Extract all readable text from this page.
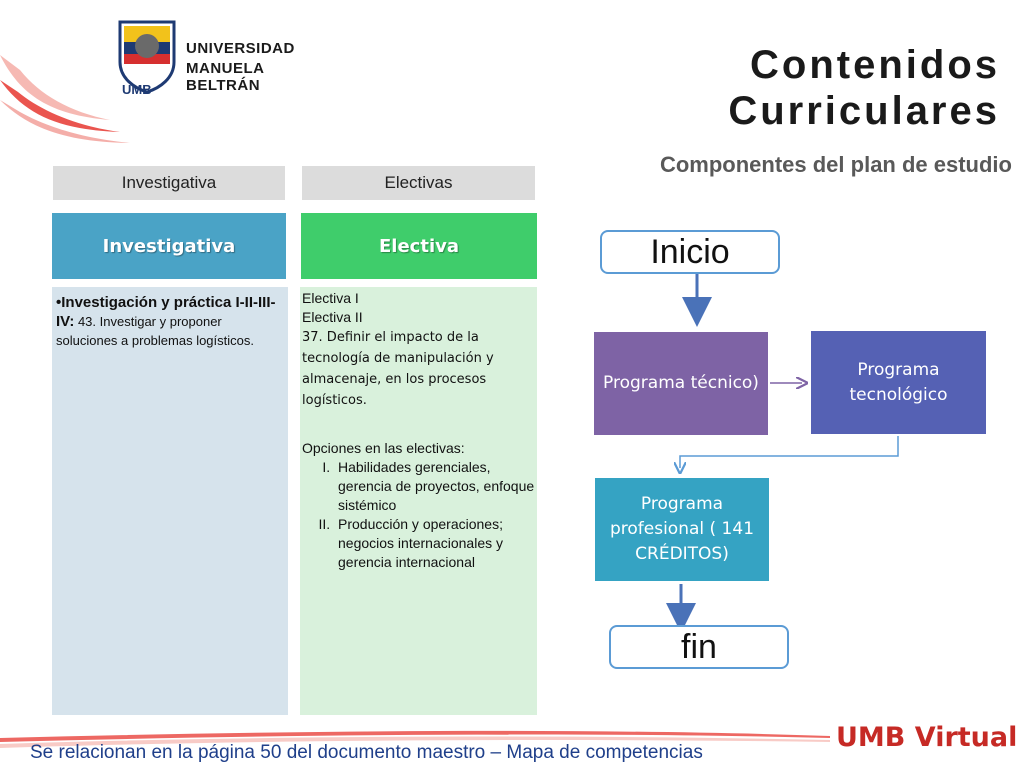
UNIVERSIDAD
MANUELA BELTRÁN
UMB
Contenidos
Curriculares
Componentes del plan de estudio
Investigativa
Investigativa
•Investigación y práctica I-II-III-IV: 43. Investigar y proponer soluciones a problemas logísticos.
Electivas
Electiva
Electiva I
Electiva II
37. Definir el impacto de la tecnología de manipulación y almacenaje, en los procesos logísticos.
Opciones en las electivas:
I. Habilidades gerenciales, gerencia de proyectos, enfoque sistémico
II. Producción y operaciones; negocios internacionales y gerencia internacional
Inicio
Programa técnico)
Programa tecnológico
Programa profesional ( 141 CRÉDITOS)
fin
Se relacionan en la página 50 del documento maestro – Mapa de competencias	UMB Virtual
